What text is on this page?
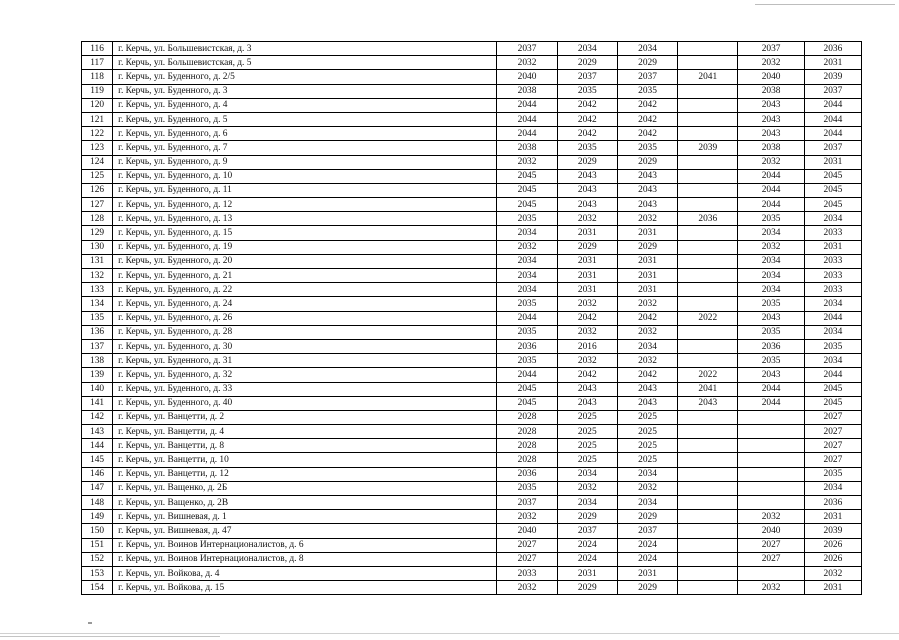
116	г. Керчь, ул. Большевистская, д. 3	2037	2034	2034		2037	2036
117	г. Керчь, ул. Большевистская, д. 5	2032	2029	2029		2032	2031
118	г. Керчь, ул. Буденного, д. 2/5	2040	2037	2037	2041	2040	2039
119	г. Керчь, ул. Буденного, д. 3	2038	2035	2035		2038	2037
120	г. Керчь, ул. Буденного, д. 4	2044	2042	2042		2043	2044
121	г. Керчь, ул. Буденного, д. 5	2044	2042	2042		2043	2044
122	г. Керчь, ул. Буденного, д. 6	2044	2042	2042		2043	2044
123	г. Керчь, ул. Буденного, д. 7	2038	2035	2035	2039	2038	2037
124	г. Керчь, ул. Буденного, д. 9	2032	2029	2029		2032	2031
125	г. Керчь, ул. Буденного, д. 10	2045	2043	2043		2044	2045
126	г. Керчь, ул. Буденного, д. 11	2045	2043	2043		2044	2045
127	г. Керчь, ул. Буденного, д. 12	2045	2043	2043		2044	2045
128	г. Керчь, ул. Буденного, д. 13	2035	2032	2032	2036	2035	2034
129	г. Керчь, ул. Буденного, д. 15	2034	2031	2031		2034	2033
130	г. Керчь, ул. Буденного, д. 19	2032	2029	2029		2032	2031
131	г. Керчь, ул. Буденного, д. 20	2034	2031	2031		2034	2033
132	г. Керчь, ул. Буденного, д. 21	2034	2031	2031		2034	2033
133	г. Керчь, ул. Буденного, д. 22	2034	2031	2031		2034	2033
134	г. Керчь, ул. Буденного, д. 24	2035	2032	2032		2035	2034
135	г. Керчь, ул. Буденного, д. 26	2044	2042	2042	2022	2043	2044
136	г. Керчь, ул. Буденного, д. 28	2035	2032	2032		2035	2034
137	г. Керчь, ул. Буденного, д. 30	2036	2016	2034		2036	2035
138	г. Керчь, ул. Буденного, д. 31	2035	2032	2032		2035	2034
139	г. Керчь, ул. Буденного, д. 32	2044	2042	2042	2022	2043	2044
140	г. Керчь, ул. Буденного, д. 33	2045	2043	2043	2041	2044	2045
141	г. Керчь, ул. Буденного, д. 40	2045	2043	2043	2043	2044	2045
142	г. Керчь, ул. Ванцетти, д. 2	2028	2025	2025			2027
143	г. Керчь, ул. Ванцетти, д. 4	2028	2025	2025			2027
144	г. Керчь, ул. Ванцетти, д. 8	2028	2025	2025			2027
145	г. Керчь, ул. Ванцетти, д. 10	2028	2025	2025			2027
146	г. Керчь, ул. Ванцетти, д. 12	2036	2034	2034			2035
147	г. Керчь, ул. Ващенко, д. 2Б	2035	2032	2032			2034
148	г. Керчь, ул. Ващенко, д. 2В	2037	2034	2034			2036
149	г. Керчь, ул. Вишневая, д. 1	2032	2029	2029		2032	2031
150	г. Керчь, ул. Вишневая, д. 47	2040	2037	2037		2040	2039
151	г. Керчь, ул. Воинов Интернационалистов, д. 6	2027	2024	2024		2027	2026
152	г. Керчь, ул. Воинов Интернационалистов, д. 8	2027	2024	2024		2027	2026
153	г. Керчь, ул. Войкова, д. 4	2033	2031	2031			2032
154	г. Керчь, ул. Войкова, д. 15	2032	2029	2029		2032	2031
